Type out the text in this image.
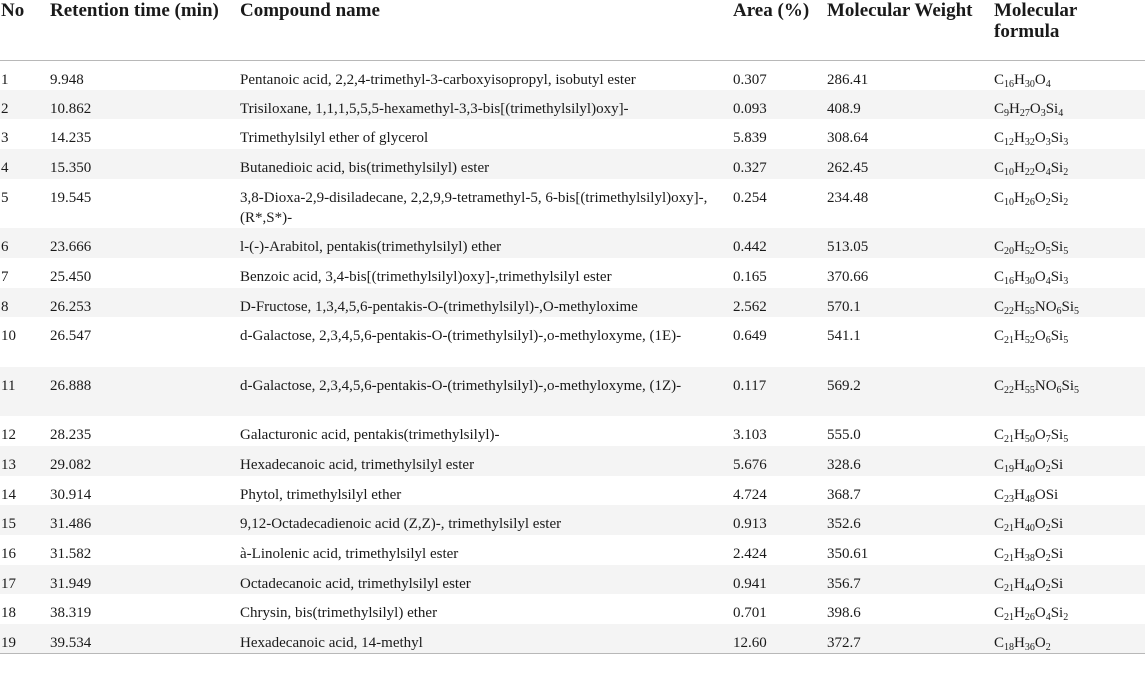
No	Retention time (min)	Compound name	Area (%)	Molecular Weight	Molecular formula
1	9.948	Pentanoic acid, 2,2,4-trimethyl-3-carboxyisopropyl, isobutyl ester	0.307	286.41	$C_{16}H_{30}O_4$
2	10.862	Trisiloxane, 1,1,1,5,5,5-hexamethyl-3,3-bis[(trimethylsilyl)oxy]-	0.093	408.9	$C_9H_{27}O_3Si_4$
3	14.235	Trimethylsilyl ether of glycerol	5.839	308.64	$C_{12}H_{32}O_3Si_3$
4	15.350	Butanedioic acid, bis(trimethylsilyl) ester	0.327	262.45	$C_{10}H_{22}O_4Si_2$
5	19.545	3,8-Dioxa-2,9-disiladecane, 2,2,9,9-tetramethyl-5, 6-bis[(trimethylsilyl)oxy]-, (R*,S*)-	0.254	234.48	$C_{10}H_{26}O_2Si_2$
6	23.666	l-(-)-Arabitol, pentakis(trimethylsilyl) ether	0.442	513.05	$C_{20}H_{52}O_5Si_5$
7	25.450	Benzoic acid, 3,4-bis[(trimethylsilyl)oxy]-,trimethylsilyl ester	0.165	370.66	$C_{16}H_{30}O_4Si_3$
8	26.253	D-Fructose, 1,3,4,5,6-pentakis-O-(trimethylsilyl)-,O-methyloxime	2.562	570.1	$C_{22}H_{55}NO_6Si_5$
10	26.547	d-Galactose, 2,3,4,5,6-pentakis-O-(trimethylsilyl)-,o-methyloxyme, (1E)-	0.649	541.1	$C_{21}H_{52}O_6Si_5$
11	26.888	d-Galactose, 2,3,4,5,6-pentakis-O-(trimethylsilyl)-,o-methyloxyme, (1Z)-	0.117	569.2	$C_{22}H_{55}NO_6Si_5$
12	28.235	Galacturonic acid, pentakis(trimethylsilyl)-	3.103	555.0	$C_{21}H_{50}O_7Si_5$
13	29.082	Hexadecanoic acid, trimethylsilyl ester	5.676	328.6	$C_{19}H_{40}O_2Si$
14	30.914	Phytol, trimethylsilyl ether	4.724	368.7	$C_{23}H_{48}OSi$
15	31.486	9,12-Octadecadienoic acid (Z,Z)-, trimethylsilyl ester	0.913	352.6	$C_{21}H_{40}O_2Si$
16	31.582	à-Linolenic acid, trimethylsilyl ester	2.424	350.61	$C_{21}H_{38}O_2Si$
17	31.949	Octadecanoic acid, trimethylsilyl ester	0.941	356.7	$C_{21}H_{44}O_2Si$
18	38.319	Chrysin, bis(trimethylsilyl) ether	0.701	398.6	$C_{21}H_{26}O_4Si_2$
19	39.534	Hexadecanoic acid, 14-methyl	12.60	372.7	$C_{18}H_{36}O_2$
